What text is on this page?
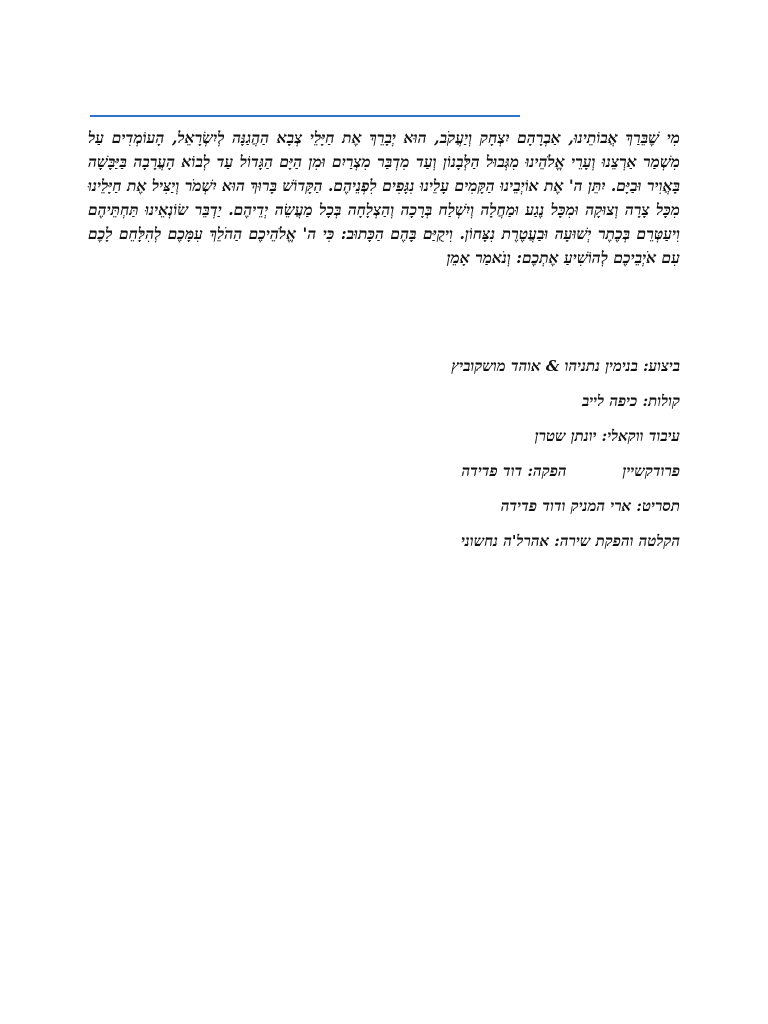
מִי שֶׁבֵּרַךְ אֲבוֹתֵינוּ, אַבְרָהָם יִצְחָק וְיַעֲקֹב, הוּא יְבָרֵךְ אֶת חַיָּלֵי צְבָא הַהֲגַנָּה לְיִשְׂרָאֵל, הָעוֹמְדִים עַל מִשְׁמַר אַרְצֵנוּ וְעָרֵי אֱלֹהֵינוּ מִגְּבוּל הַלְּבָנוֹן וְעַד מִדְבַּר מִצְרַיִם וּמִן הַיָּם הַגָּדוֹל עַד לְבוֹא הָעֲרָבָה בַּיַּבָּשָׁה בָּאֲוִיר וּבַיָּם. יִתֵּן ה' אֶת אוֹיְבֵינוּ הַקָּמִים עָלֵינוּ נִגָּפִים לִפְנֵיהֶם. הַקָּדוֹשׁ בָּרוּךְ הוּא יִשְׁמֹר וְיַצִּיל אֶת חַיָּלֵינוּ מִכָּל צָרָה וְצוּקָה וּמִכָּל נֶגַע וּמַחֲלָה וְיִשְׁלַח בְּרָכָה וְהַצְלָחָה בְּכָל מַעֲשֵׂה יְדֵיהֶם. יַדְבֵּר שׂוֹנְאֵינוּ תַּחְתֵּיהֶם וִיעַטְּרֵם בְּכֶתֶר יְשׁוּעָה וּבַעֲטֶרֶת נִצָּחוֹן. וִיקֻיַּם בָּהֶם הַכָּתוּב: כִּי ה' אֱלֹהֵיכֶם הַהֹלֵךְ עִמָּכֶם לְהִלָּחֵם לָכֶם עִם אֹיְבֵיכֶם לְהוֹשִׁיעַ אֶתְכֶם: וְנֹאמַר אָמֵן
ביצוע: בנימין נתניהו & אוהד מושקוביץ
קולות: כיפה לייב
עיבוד ווקאלי: יונתן שטרן
פרודקשייןהפקה: דוד פדידה
תסריט: ארי המניק ודוד פדידה
הקלטה והפקת שירה: אהרל'ה נחשוני
